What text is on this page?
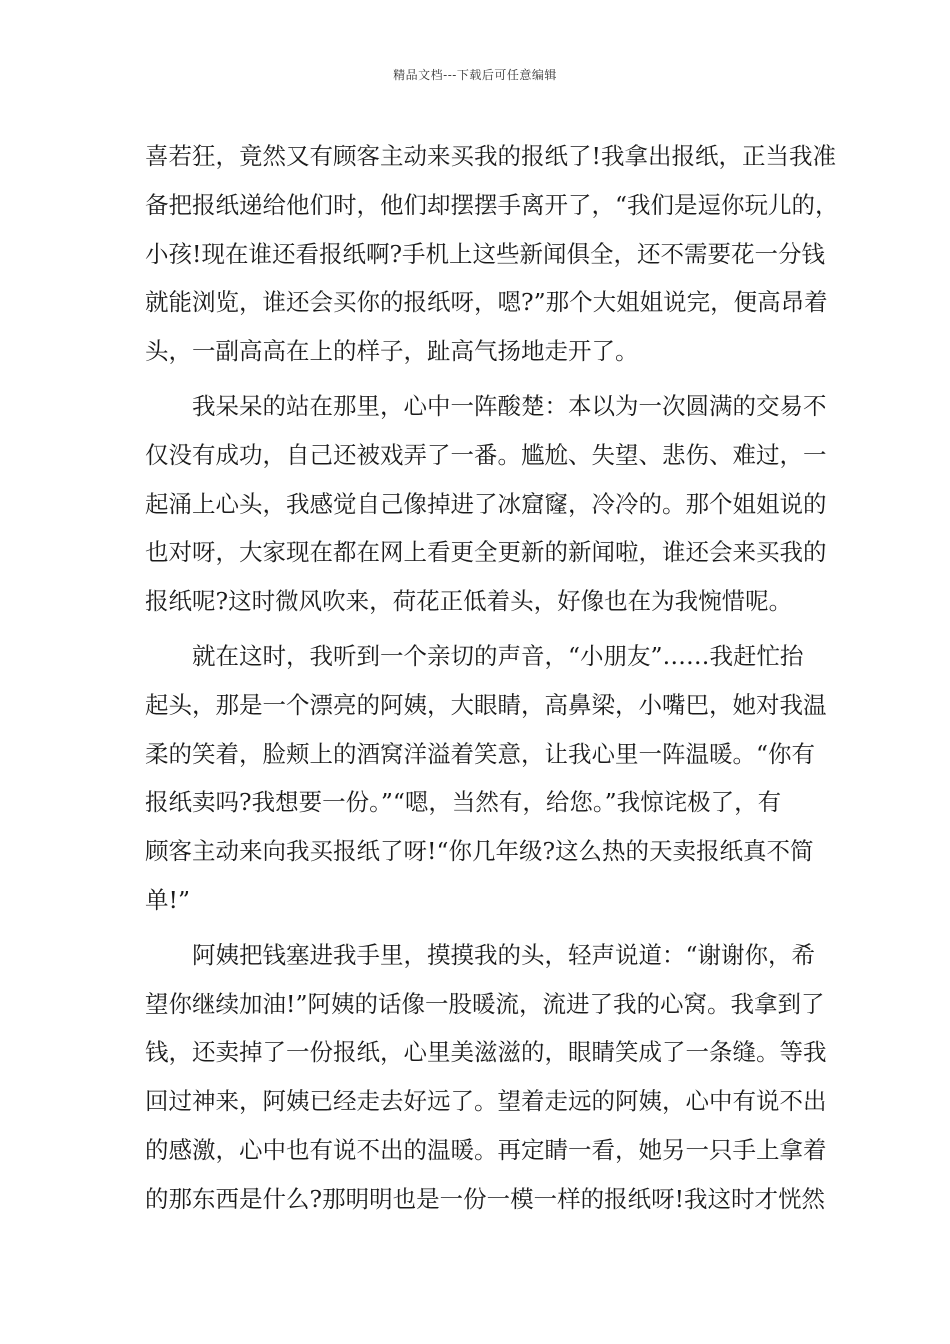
精品文档---下载后可任意编辑
喜若狂，竟然又有顾客主动来买我的报纸了!我拿出报纸，正当我准
备把报纸递给他们时，他们却摆摆手离开了，“我们是逗你玩儿的，
小孩!现在谁还看报纸啊?手机上这些新闻俱全，还不需要花一分钱
就能浏览，谁还会买你的报纸呀，嗯?”那个大姐姐说完，便高昂着
头，一副高高在上的样子，趾高气扬地走开了。
　　我呆呆的站在那里，心中一阵酸楚：本以为一次圆满的交易不
仅没有成功，自己还被戏弄了一番。尴尬、失望、悲伤、难过，一
起涌上心头，我感觉自己像掉进了冰窟窿，冷冷的。那个姐姐说的
也对呀，大家现在都在网上看更全更新的新闻啦，谁还会来买我的
报纸呢?这时微风吹来，荷花正低着头，好像也在为我惋惜呢。
　　就在这时，我听到一个亲切的声音，“小朋友”……我赶忙抬
起头，那是一个漂亮的阿姨，大眼睛，高鼻梁，小嘴巴，她对我温
柔的笑着，脸颊上的酒窝洋溢着笑意，让我心里一阵温暖。“你有
报纸卖吗?我想要一份。”“嗯，当然有，给您。”我惊诧极了，有
顾客主动来向我买报纸了呀!“你几年级?这么热的天卖报纸真不简
单!”
　　阿姨把钱塞进我手里，摸摸我的头，轻声说道：“谢谢你，希
望你继续加油!”阿姨的话像一股暖流，流进了我的心窝。我拿到了
钱，还卖掉了一份报纸，心里美滋滋的，眼睛笑成了一条缝。等我
回过神来，阿姨已经走去好远了。望着走远的阿姨，心中有说不出
的感激，心中也有说不出的温暖。再定睛一看，她另一只手上拿着
的那东西是什么?那明明也是一份一模一样的报纸呀!我这时才恍然
